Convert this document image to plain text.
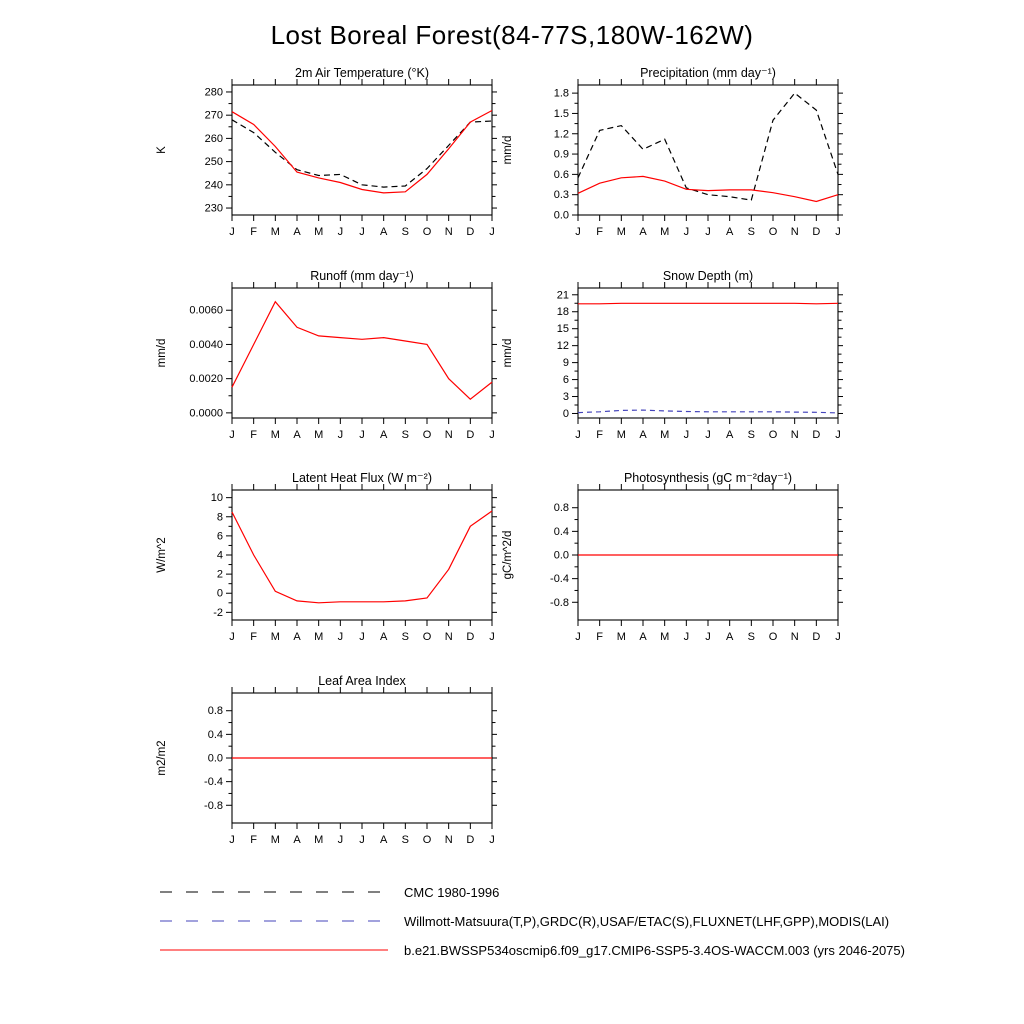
Lost Boreal Forest(84-77S,180W-162W)
2m Air Temperature (°K)
230
240
250
260
270
280
J F M A M J J A S O N D J
K
Precipitation (mm day⁻¹)
0.0
0.3
0.6
0.9
1.2
1.5
1.8
J F M A M J J A S O N D J
mm/d
Runoff (mm day⁻¹)
0.0000
0.0020
0.0040
0.0060
J F M A M J J A S O N D J
mm/d
Snow Depth (m)
0
3
6
9
12
15
18
21
J F M A M J J A S O N D J
mm/d
Latent Heat Flux (W m⁻²)
-2
0
2
4
6
8
10
J F M A M J J A S O N D J
W/m^2
Photosynthesis (gC m⁻²day⁻¹)
-0.8
-0.4
0.0
0.4
0.8
J F M A M J J A S O N D J
gC/m^2/d
Leaf Area Index
-0.8
-0.4
0.0
0.4
0.8
J F M A M J J A S O N D J
m2/m2
CMC 1980-1996
Willmott-Matsuura(T,P),GRDC(R),USAF/ETAC(S),FLUXNET(LHF,GPP),MODIS(LAI)
b.e21.BWSSP534oscmip6.f09_g17.CMIP6-SSP5-3.4OS-WACCM.003 (yrs 2046-2075)
